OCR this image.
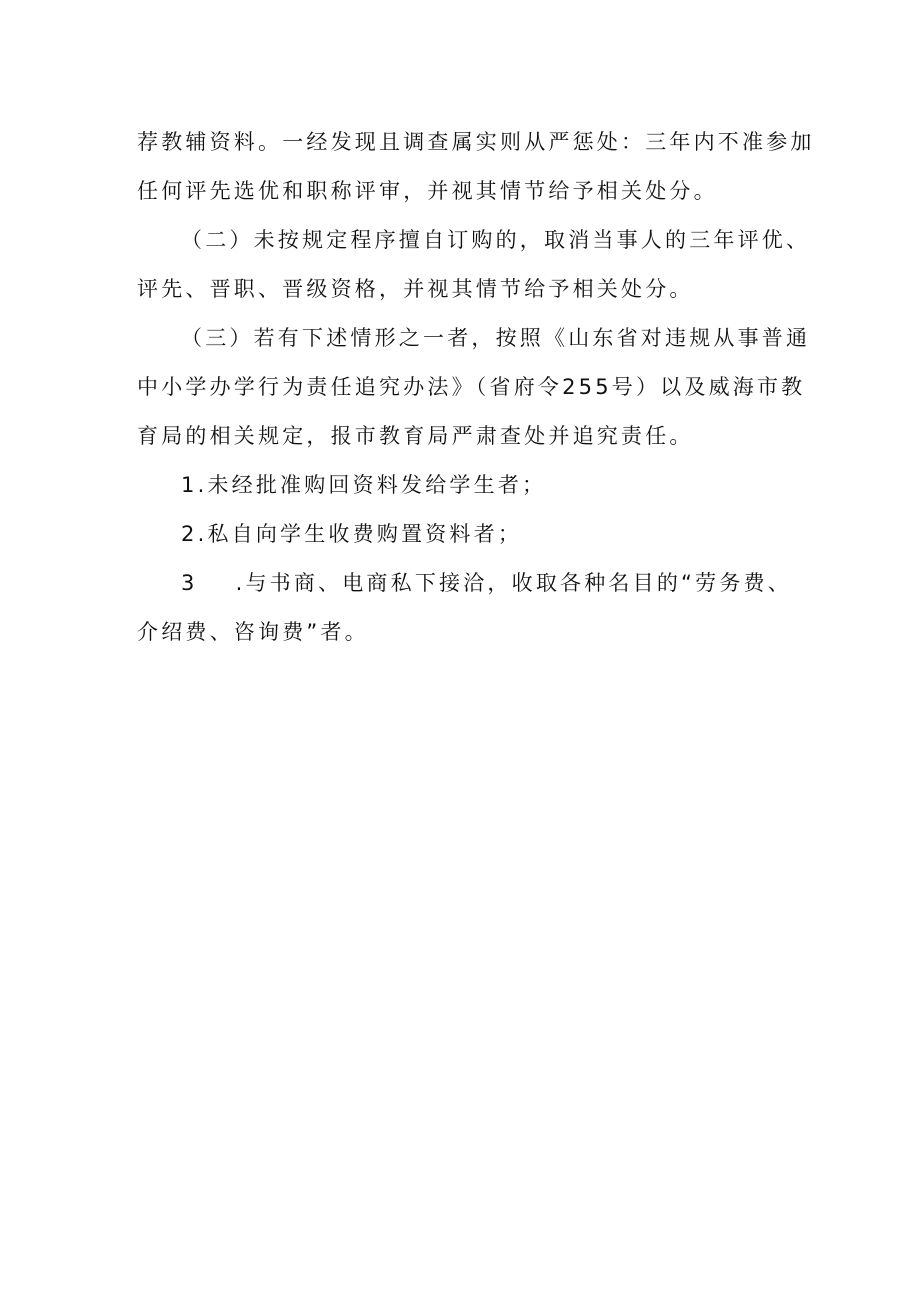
荐教辅资料。一经发现且调查属实则从严惩处：三年内不准参加
任何评先选优和职称评审，并视其情节给予相关处分。
（二）未按规定程序擅自订购的，取消当事人的三年评优、
评先、晋职、晋级资格，并视其情节给予相关处分。
（三）若有下述情形之一者，按照《山东省对违规从事普通
中小学办学行为责任追究办法》（省府令255号）以及威海市教
育局的相关规定，报市教育局严肃查处并追究责任。
1.未经批准购回资料发给学生者；
2.私自向学生收费购置资料者；
3 .与书商、电商私下接洽，收取各种名目的“劳务费、
介绍费、咨询费”者。
